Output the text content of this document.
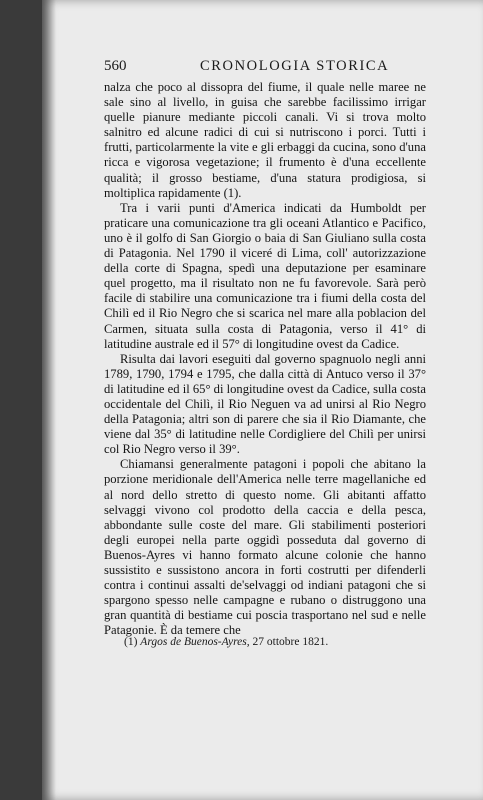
560	CRONOLOGIA STORICA

nalza che poco al dissopra del fiume, il quale nelle maree ne sale sino al livello, in guisa che sarebbe facilissimo irrigar quelle pianure mediante piccoli canali. Vi si trova molto salnitro ed alcune radici di cui si nutriscono i porci. Tutti i frutti, particolarmente la vite e gli erbaggi da cucina, sono d'una ricca e vigorosa vegetazione; il frumento è d'una eccellente qualità; il grosso bestiame, d'una statura prodigiosa, si moltiplica rapidamente (1).

Tra i varii punti d'America indicati da Humboldt per praticare una comunicazione tra gli oceani Atlantico e Pacifico, uno è il golfo di San Giorgio o baia di San Giuliano sulla costa di Patagonia. Nel 1790 il viceré di Lima, coll' autorizzazione della corte di Spagna, spedì una deputazione per esaminare quel progetto, ma il risultato non ne fu favorevole. Sarà però facile di stabilire una comunicazione tra i fiumi della costa del Chilì ed il Rio Negro che si scarica nel mare alla poblacion del Carmen, situata sulla costa di Patagonia, verso il 41° di latitudine australe ed il 57° di longitudine ovest da Cadice.

Risulta dai lavori eseguiti dal governo spagnuolo negli anni 1789, 1790, 1794 e 1795, che dalla città di Antuco verso il 37° di latitudine ed il 65° di longitudine ovest da Cadice, sulla costa occidentale del Chilì, il Rio Neguen va ad unirsi al Rio Negro della Patagonia; altri son di parere che sia il Rio Diamante, che viene dal 35° di latitudine nelle Cordigliere del Chilì per unirsi col Rio Negro verso il 39°.

Chiamansi generalmente patagoni i popoli che abitano la porzione meridionale dell'America nelle terre magellaniche ed al nord dello stretto di questo nome. Gli abitanti affatto selvaggi vivono col prodotto della caccia e della pesca, abbondante sulle coste del mare. Gli stabilimenti posteriori degli europei nella parte oggidì posseduta dal governo di Buenos-Ayres vi hanno formato alcune colonie che hanno sussistito e sussistono ancora in forti costrutti per difenderli contra i continui assalti de'selvaggi od indiani patagoni che si spargono spesso nelle campagne e rubano o distruggono una gran quantità di bestiame cui poscia trasportano nel sud e nelle Patagonie. È da temere che

(1) Argos de Buenos-Ayres, 27 ottobre 1821.
